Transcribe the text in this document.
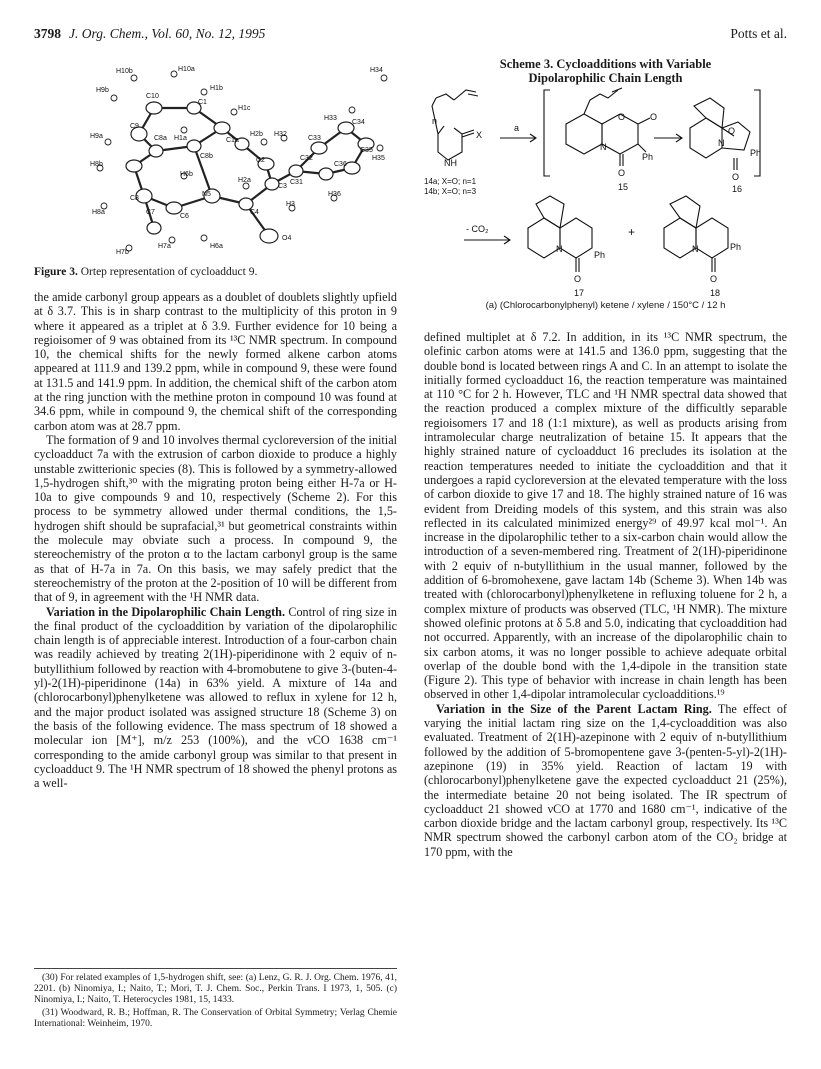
3798 J. Org. Chem., Vol. 60, No. 12, 1995	Potts et al.
H10b	H10a
H9b	H1b
H1c
C10
C1
H9a
C9
C8a H1a	C1a
H2b H32
C32
C33
H33
C34
H34
H35
C35
C36
C2
H36
C31
H8b
C8
C8b
H6b
H2a
C3
H3
N5
C4
C6
H8a	C7
O4
H7b
H7a	H6a
Figure 3. Ortep representation of cycloadduct 9.
Scheme 3. Cycloadditions with Variable
Dipolarophilic Chain Length
n
X
NH
14a; X=O; n=1
14b; X=O; n=3
a
N
O	O
Ph
O
15
N
O
Ph
O
16
- CO₂
N
Ph
O
17
+
N	Ph
O
18
(a) (Chlorocarbonylphenyl) ketene / xylene / 150°C / 12 h

the amide carbonyl group appears as a doublet of doublets slightly upfield at δ 3.7. This is in sharp contrast to the multiplicity of this proton in 9 where it appeared as a triplet at δ 3.9. Further evidence for 10 being a regioisomer of 9 was obtained from its ¹³C NMR spectrum. In compound 10, the chemical shifts for the newly formed alkene carbon atoms appeared at 111.9 and 139.2 ppm, while in compound 9, these were found at 131.5 and 141.9 ppm. In addition, the chemical shift of the carbon atom at the ring junction with the methine proton in compound 10 was found at 34.6 ppm, while in compound 9, the chemical shift of the corresponding carbon atom was at 28.7 ppm.

The formation of 9 and 10 involves thermal cycloreversion of the initial cycloadduct 7a with the extrusion of carbon dioxide to produce a highly unstable zwitterionic species (8). This is followed by a symmetry-allowed 1,5-hydrogen shift,³⁰ with the migrating proton being either H-7a or H-10a to give compounds 9 and 10, respectively (Scheme 2). For this process to be symmetry allowed under thermal conditions, the 1,5-hydrogen shift should be suprafacial,³¹ but geometrical constraints within the molecule may obviate such a process. In compound 9, the stereochemistry of the proton α to the lactam carbonyl group is the same as that of H-7a in 7a. On this basis, we may safely predict that the stereochemistry of the proton at the 2-position of 10 will be different from that of 9, in agreement with the ¹H NMR data.

Variation in the Dipolarophilic Chain Length. Control of ring size in the final product of the cycloaddition by variation of the dipolarophilic chain length is of appreciable interest. Introduction of a four-carbon chain was readily achieved by treating 2(1H)-piperidinone with 2 equiv of n-butyllithium followed by reaction with 4-bromobutene to give 3-(buten-4-yl)-2(1H)-piperidinone (14a) in 63% yield. A mixture of 14a and (chlorocarbonyl)phenylketene was allowed to reflux in xylene for 12 h, and the major product isolated was assigned structure 18 (Scheme 3) on the basis of the following evidence. The mass spectrum of 18 showed a molecular ion [M⁺], m/z 253 (100%), and the νCO 1638 cm⁻¹ corresponding to the amide carbonyl group was similar to that present in cycloadduct 9. The ¹H NMR spectrum of 18 showed the phenyl protons as a well-

(30) For related examples of 1,5-hydrogen shift, see: (a) Lenz, G. R. J. Org. Chem. 1976, 41, 2201. (b) Ninomiya, I.; Naito, T.; Mori, T. J. Chem. Soc., Perkin Trans. I 1973, 1, 505. (c) Ninomiya, I.; Naito, T. Heterocycles 1981, 15, 1433.

(31) Woodward, R. B.; Hoffman, R. The Conservation of Orbital Symmetry; Verlag Chemie International: Weinheim, 1970.

defined multiplet at δ 7.2. In addition, in its ¹³C NMR spectrum, the olefinic carbon atoms were at 141.5 and 136.0 ppm, suggesting that the double bond is located between rings A and C. In an attempt to isolate the initially formed cycloadduct 16, the reaction temperature was maintained at 110 °C for 2 h. However, TLC and ¹H NMR spectral data showed that the reaction produced a complex mixture of the difficultly separable regioisomers 17 and 18 (1:1 mixture), as well as products arising from intramolecular charge neutralization of betaine 15. It appears that the highly strained nature of cycloadduct 16 precludes its isolation at the reaction temperatures needed to initiate the cycloaddition and that it undergoes a rapid cycloreversion at the elevated temperature with the loss of carbon dioxide to give 17 and 18. The highly strained nature of 16 was evident from Dreiding models of this system, and this strain was also reflected in its calculated minimized energy²⁹ of 49.97 kcal mol⁻¹. An increase in the dipolarophilic tether to a six-carbon chain would allow the introduction of a seven-membered ring. Treatment of 2(1H)-piperidinone with 2 equiv of n-butyllithium in the usual manner, followed by the addition of 6-bromohexene, gave lactam 14b (Scheme 3). When 14b was treated with (chlorocarbonyl)phenylketene in refluxing toluene for 2 h, a complex mixture of products was observed (TLC, ¹H NMR). The mixture showed olefinic protons at δ 5.8 and 5.0, indicating that cycloaddition had not occurred. Apparently, with an increase of the dipolarophilic chain to six carbon atoms, it was no longer possible to achieve adequate orbital overlap of the double bond with the 1,4-dipole in the transition state (Figure 2). This type of behavior with increase in chain length has been observed in other 1,4-dipolar intramolecular cycloadditions.¹⁹

Variation in the Size of the Parent Lactam Ring. The effect of varying the initial lactam ring size on the 1,4-cycloaddition was also evaluated. Treatment of 2(1H)-azepinone with 2 equiv of n-butyllithium followed by the addition of 5-bromopentene gave 3-(penten-5-yl)-2(1H)-azepinone (19) in 35% yield. Reaction of lactam 19 with (chlorocarbonyl)phenylketene gave the expected cycloadduct 21 (25%), the intermediate betaine 20 not being isolated. The IR spectrum of cycloadduct 21 showed νCO at 1770 and 1680 cm⁻¹, indicative of the carbon dioxide bridge and the lactam carbonyl group, respectively. Its ¹³C NMR spectrum showed the carbonyl carbon atom of the CO₂ bridge at 170 ppm, with the
